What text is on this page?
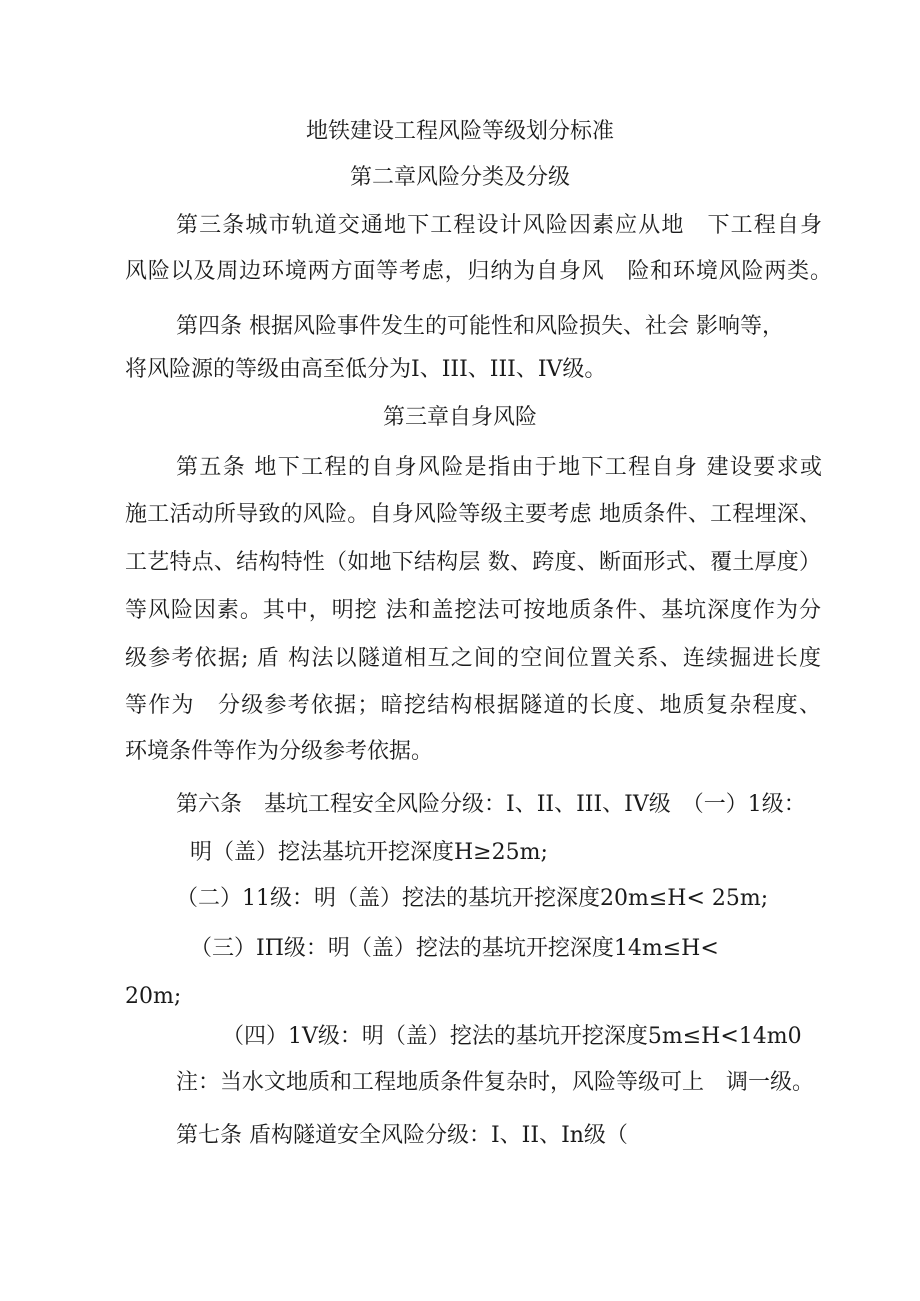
地铁建设工程风险等级划分标准

第二章风险分类及分级

第三条城市轨道交通地下工程设计风险因素应从地　下工程自身

风险以及周边环境两方面等考虑，归纳为自身风　险和环境风险两类。

第四条 根据风险事件发生的可能性和风险损失、社会 影响等，

将风险源的等级由高至低分为I、III、III、IV级。

第三章自身风险

第五条 地下工程的自身风险是指由于地下工程自身 建设要求或

施工活动所导致的风险。自身风险等级主要考虑 地质条件、工程埋深、

工艺特点、结构特性（如地下结构层 数、跨度、断面形式、覆土厚度）

等风险因素。其中，明挖 法和盖挖法可按地质条件、基坑深度作为分

级参考依据; 盾 构法以隧道相互之间的空间位置关系、连续掘进长度

等作为　分级参考依据；暗挖结构根据隧道的长度、地质复杂程度、

环境条件等作为分级参考依据。

第六条　基坑工程安全风险分级：I、II、III、IV级　（一）1级：

明（盖）挖法基坑开挖深度H≥25m;

（二）11级：明（盖）挖法的基坑开挖深度20m≤H< 25m;

（三）IΠ级：明（盖）挖法的基坑开挖深度14m≤H<

20m;

（四）1V级：明（盖）挖法的基坑开挖深度5m≤H<14m0

注：当水文地质和工程地质条件复杂时，风险等级可上　调一级。

第七条 盾构隧道安全风险分级：I、II、In级（
